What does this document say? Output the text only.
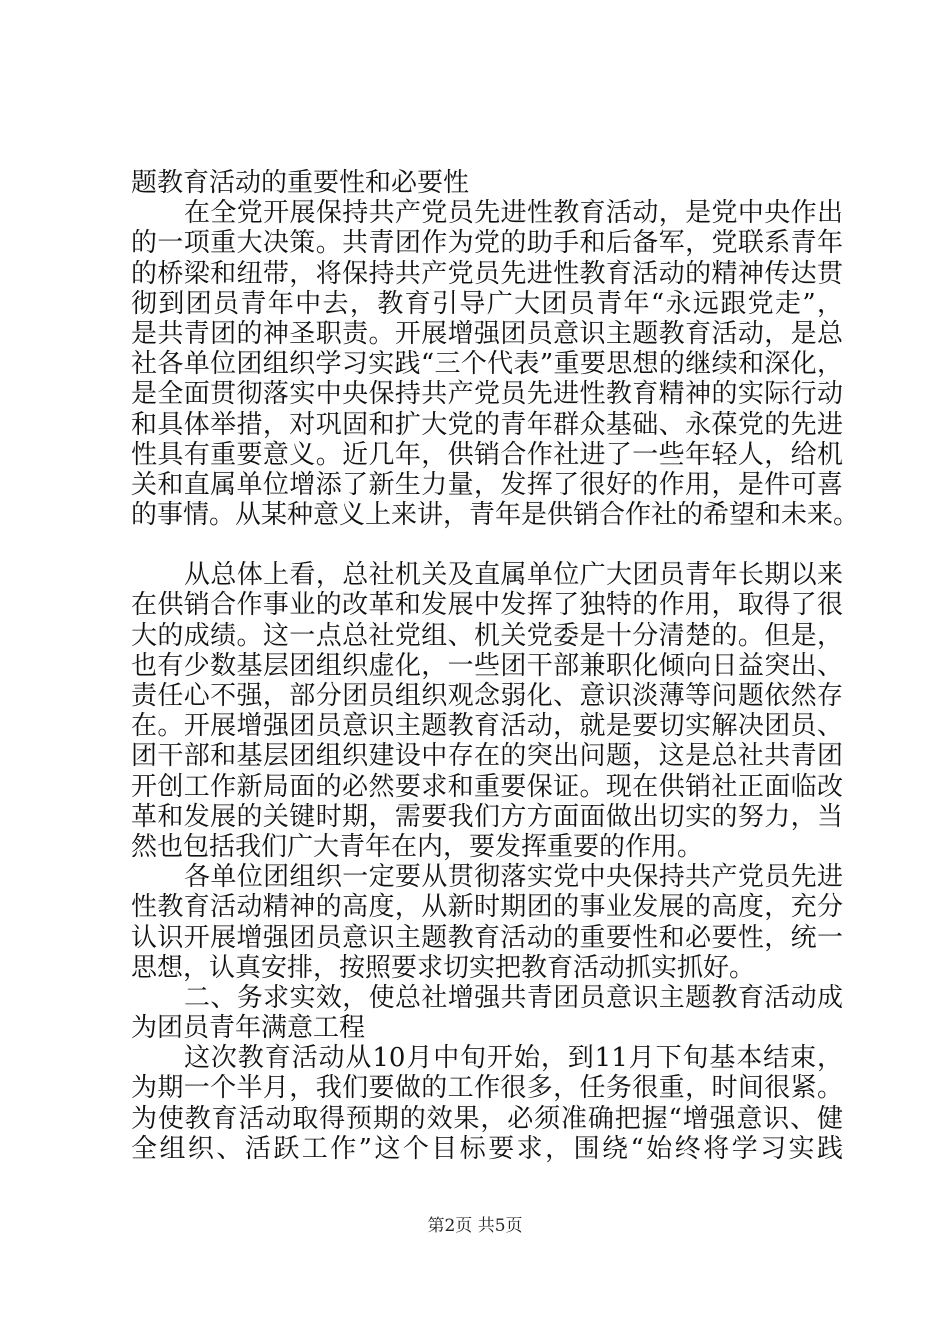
题教育活动的重要性和必要性
在全党开展保持共产党员先进性教育活动，是党中央作出
的一项重大决策。共青团作为党的助手和后备军，党联系青年
的桥梁和纽带，将保持共产党员先进性教育活动的精神传达贯
彻到团员青年中去，教育引导广大团员青年“永远跟党走”，
是共青团的神圣职责。开展增强团员意识主题教育活动，是总
社各单位团组织学习实践“三个代表”重要思想的继续和深化，
是全面贯彻落实中央保持共产党员先进性教育精神的实际行动
和具体举措，对巩固和扩大党的青年群众基础、永葆党的先进
性具有重要意义。近几年，供销合作社进了一些年轻人，给机
关和直属单位增添了新生力量，发挥了很好的作用，是件可喜
的事情。从某种意义上来讲，青年是供销合作社的希望和未来。
从总体上看，总社机关及直属单位广大团员青年长期以来
在供销合作事业的改革和发展中发挥了独特的作用，取得了很
大的成绩。这一点总社党组、机关党委是十分清楚的。但是，
也有少数基层团组织虚化，一些团干部兼职化倾向日益突出、
责任心不强，部分团员组织观念弱化、意识淡薄等问题依然存
在。开展增强团员意识主题教育活动，就是要切实解决团员、
团干部和基层团组织建设中存在的突出问题，这是总社共青团
开创工作新局面的必然要求和重要保证。现在供销社正面临改
革和发展的关键时期，需要我们方方面面做出切实的努力，当
然也包括我们广大青年在内，要发挥重要的作用。
各单位团组织一定要从贯彻落实党中央保持共产党员先进
性教育活动精神的高度，从新时期团的事业发展的高度，充分
认识开展增强团员意识主题教育活动的重要性和必要性，统一
思想，认真安排，按照要求切实把教育活动抓实抓好。
二、务求实效，使总社增强共青团员意识主题教育活动成
为团员青年满意工程
这次教育活动从10月中旬开始，到11月下旬基本结束，
为期一个半月，我们要做的工作很多，任务很重，时间很紧。
为使教育活动取得预期的效果，必须准确把握“增强意识、健
全组织、活跃工作”这个目标要求，围绕“始终将学习实践
第2页 共5页
